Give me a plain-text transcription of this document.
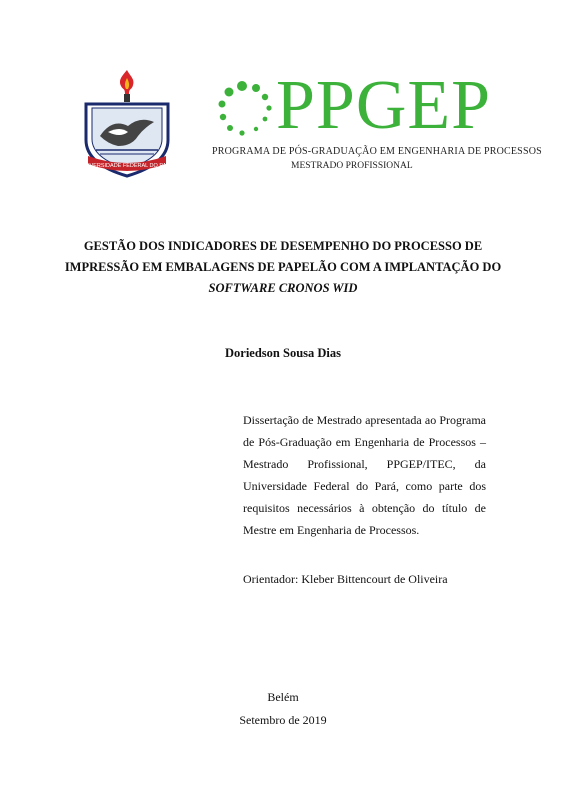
UNIVERSIDADE FEDERAL DO PARÁ
PPGEP
PROGRAMA DE PÓS-GRADUAÇÃO EM ENGENHARIA DE PROCESSOS
MESTRADO PROFISSIONAL
GESTÃO DOS INDICADORES DE DESEMPENHO DO PROCESSO DE
IMPRESSÃO EM EMBALAGENS DE PAPELÃO COM A IMPLANTAÇÃO DO
SOFTWARE CRONOS WID
Doriedson Sousa Dias
Dissertação de Mestrado apresentada ao Programa de Pós-Graduação em Engenharia de Processos – Mestrado Profissional, PPGEP/ITEC, da Universidade Federal do Pará, como parte dos requisitos necessários à obtenção do título de Mestre em Engenharia de Processos.
Orientador: Kleber Bittencourt de Oliveira
Belém
Setembro de 2019
